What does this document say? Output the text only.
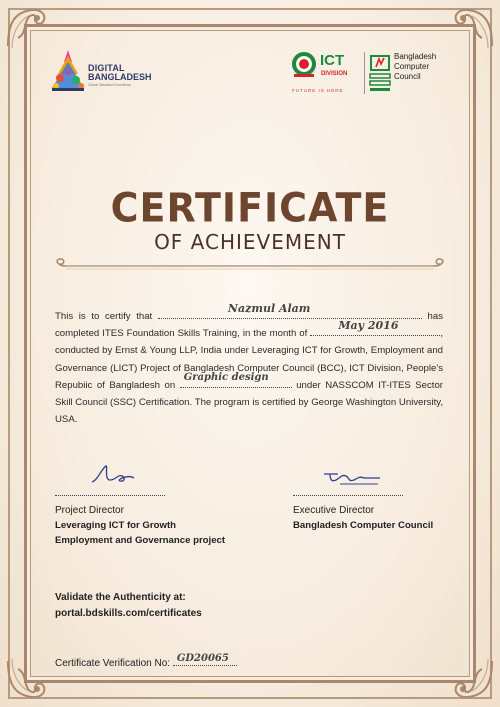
DIGITAL
BANGLADESH
Global Standard Excellence
ICT
DIVISION
FUTURE IS HERE
Bangladesh
Computer
Council
CERTIFICATE
OF ACHIEVEMENT

This is to certify that
Nazmul Alam
has completed ITES Foundation Skills Training, in the month of
May 2016
, conducted by Ernst & Young LLP, India under Leveraging ICT for Growth, Employment and Governance (LICT) Project of Bangladesh Computer Council (BCC), ICT Division, People's Repubiic of Bangladesh on
Graphic design
under NASSCOM IT-ITES Sector Skill Council (SSC) Certification. The program is certified by George Washington University, USA.

Project Director
Leveraging ICT for Growth
Employment and Governance project
Executive Director
Bangladesh Computer Council
Validate the Authenticity at:
portal.bdskills.com/certificates
Certificate Verification No: GD20065
